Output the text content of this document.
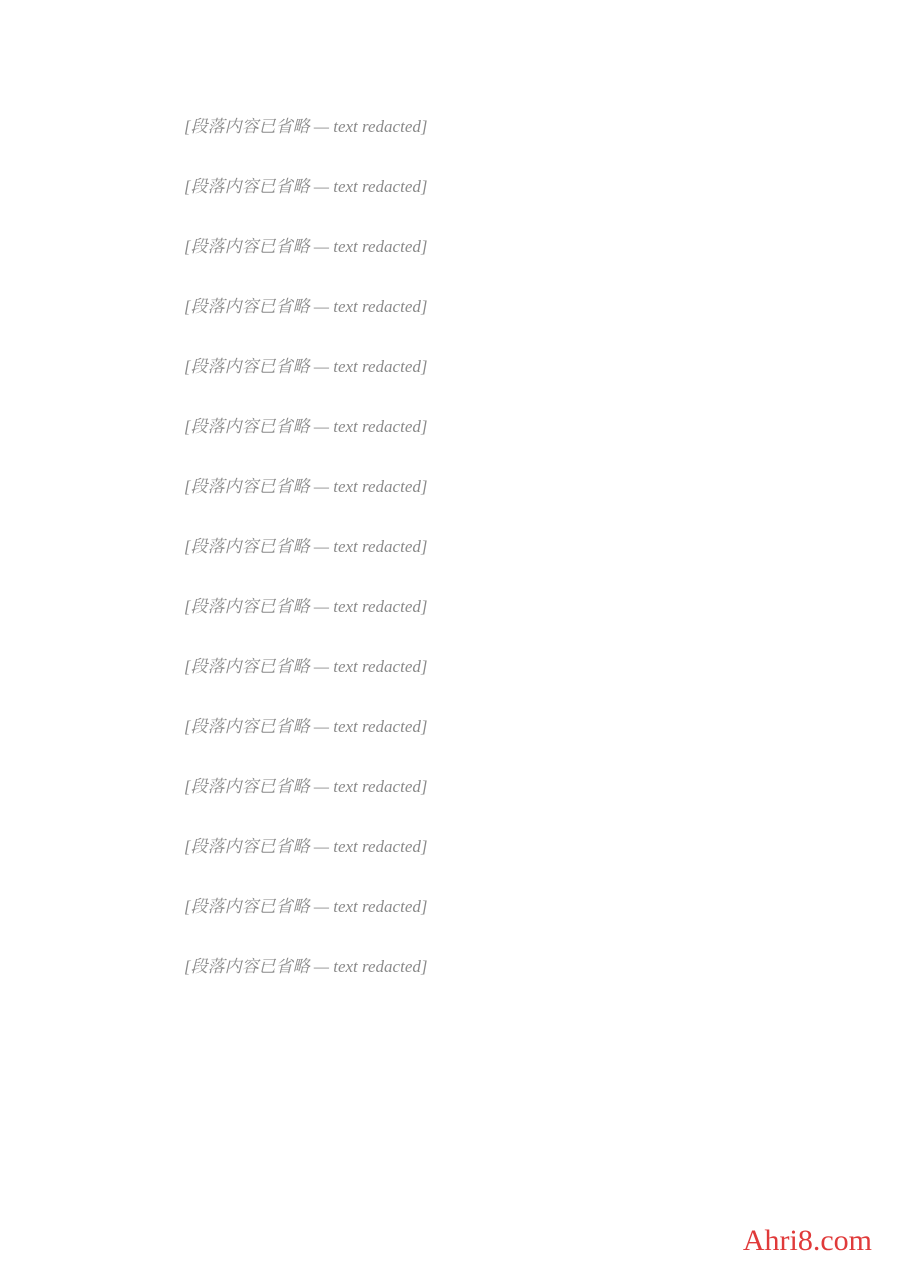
[段落内容已省略 — text redacted]

[段落内容已省略 — text redacted]

[段落内容已省略 — text redacted]

[段落内容已省略 — text redacted]

[段落内容已省略 — text redacted]

[段落内容已省略 — text redacted]

[段落内容已省略 — text redacted]

[段落内容已省略 — text redacted]

[段落内容已省略 — text redacted]

[段落内容已省略 — text redacted]

[段落内容已省略 — text redacted]

[段落内容已省略 — text redacted]

[段落内容已省略 — text redacted]

[段落内容已省略 — text redacted]

[段落内容已省略 — text redacted]

Ahri8.com
